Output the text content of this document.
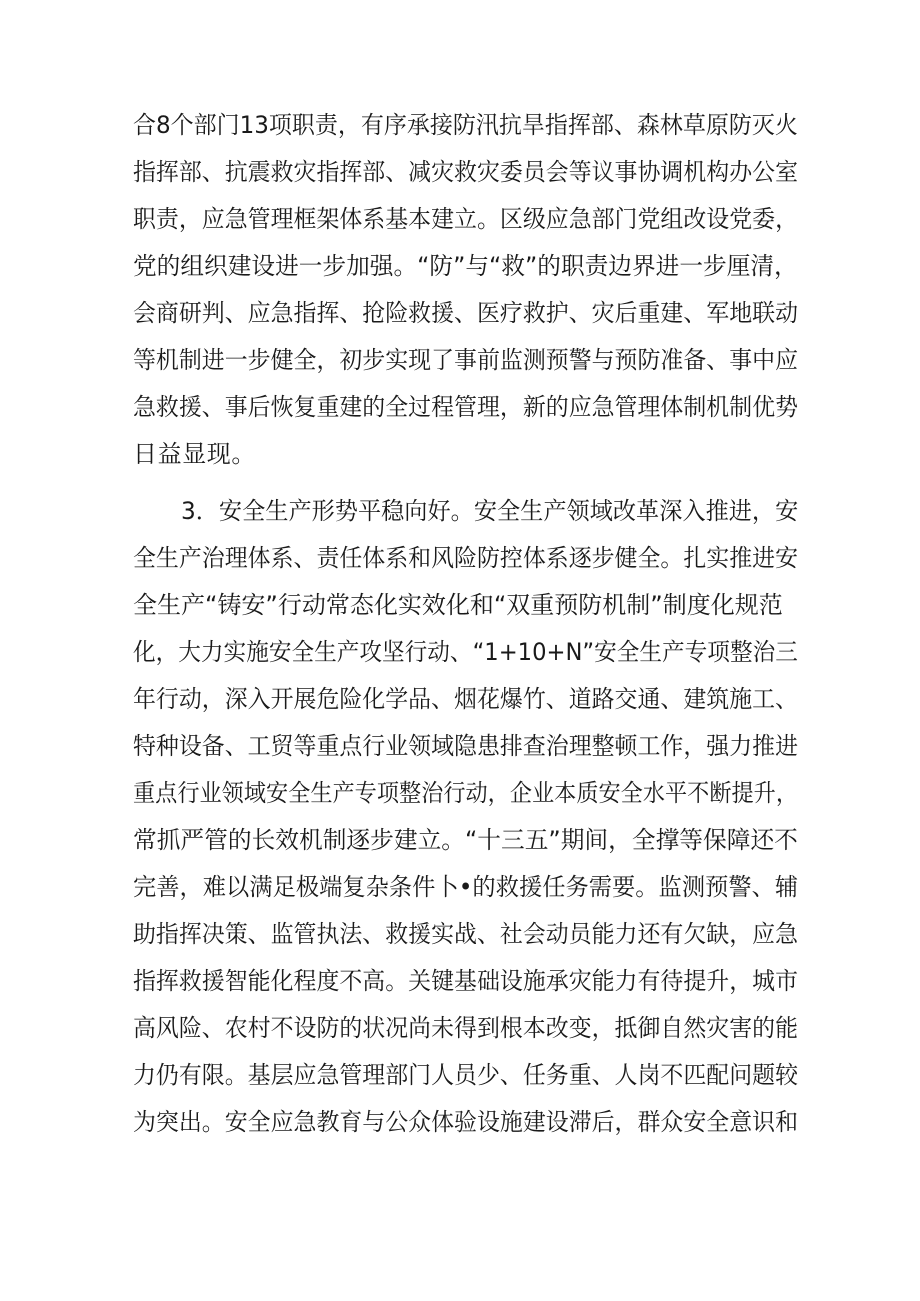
合8个部门13项职责，有序承接防汛抗旱指挥部、森林草原防灭火
指挥部、抗震救灾指挥部、减灾救灾委员会等议事协调机构办公室
职责，应急管理框架体系基本建立。区级应急部门党组改设党委，
党的组织建设进一步加强。“防”与“救”的职责边界进一步厘清，
会商研判、应急指挥、抢险救援、医疗救护、灾后重建、军地联动
等机制进一步健全，初步实现了事前监测预警与预防准备、事中应
急救援、事后恢复重建的全过程管理，新的应急管理体制机制优势
日益显现。
3．安全生产形势平稳向好。安全生产领域改革深入推进，安
全生产治理体系、责任体系和风险防控体系逐步健全。扎实推进安
全生产“铸安”行动常态化实效化和“双重预防机制”制度化规范
化，大力实施安全生产攻坚行动、“1+10+N”安全生产专项整治三
年行动，深入开展危险化学品、烟花爆竹、道路交通、建筑施工、
特种设备、工贸等重点行业领域隐患排查治理整顿工作，强力推进
重点行业领域安全生产专项整治行动，企业本质安全水平不断提升，
常抓严管的长效机制逐步建立。“十三五”期间，全撑等保障还不
完善，难以满足极端复杂条件卜•的救援任务需要。监测预警、辅
助指挥决策、监管执法、救援实战、社会动员能力还有欠缺，应急
指挥救援智能化程度不高。关键基础设施承灾能力有待提升，城市
高风险、农村不设防的状况尚未得到根本改变，抵御自然灾害的能
力仍有限。基层应急管理部门人员少、任务重、人岗不匹配问题较
为突出。安全应急教育与公众体验设施建设滞后，群众安全意识和
